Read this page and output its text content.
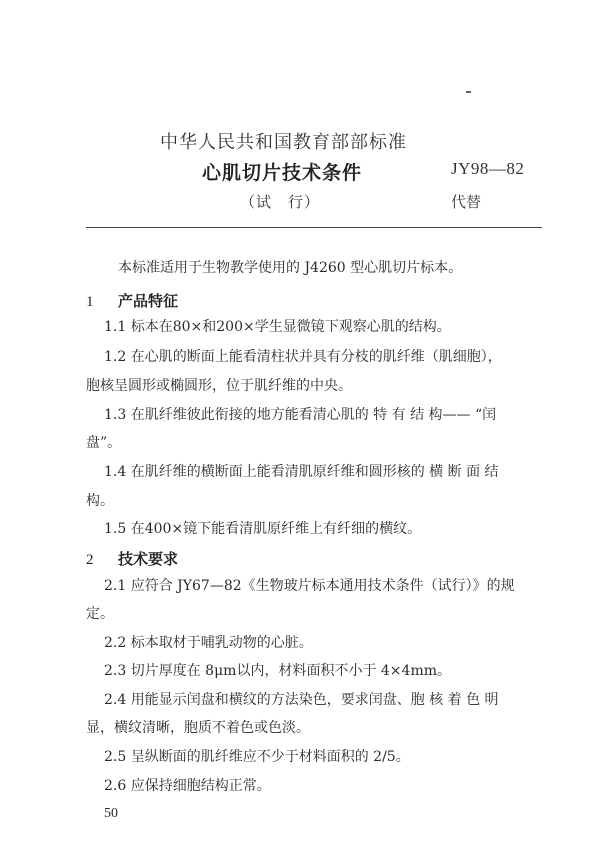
中华人民共和国教育部部标准
心肌切片技术条件	JY98—82
（试　行）	代替
本标准适用于生物教学使用的 J4260 型心肌切片标本。
1 产品特征
1.1 标本在80×和200×学生显微镜下观察心肌的结构。
1.2 在心肌的断面上能看清柱状并具有分枝的肌纤维（肌细胞），
胞核呈圆形或椭圆形，位于肌纤维的中央。
1.3 在肌纤维彼此衔接的地方能看清心肌的 特 有 结 构—— “闰
盘”。
1.4 在肌纤维的横断面上能看清肌原纤维和圆形核的 横 断 面 结
构。
1.5 在400×镜下能看清肌原纤维上有纤细的横纹。
2 技术要求
2.1 应符合 JY67—82《生物玻片标本通用技术条件（试行）》的规
定。
2.2 标本取材于哺乳动物的心脏。
2.3 切片厚度在 8μm以内，材料面积不小于 4×4mm。
2.4 用能显示闰盘和横纹的方法染色，要求闰盘、胞 核 着 色 明
显，横纹清晰，胞质不着色或色淡。
2.5 呈纵断面的肌纤维应不少于材料面积的 2/5。
2.6 应保持细胞结构正常。
50
